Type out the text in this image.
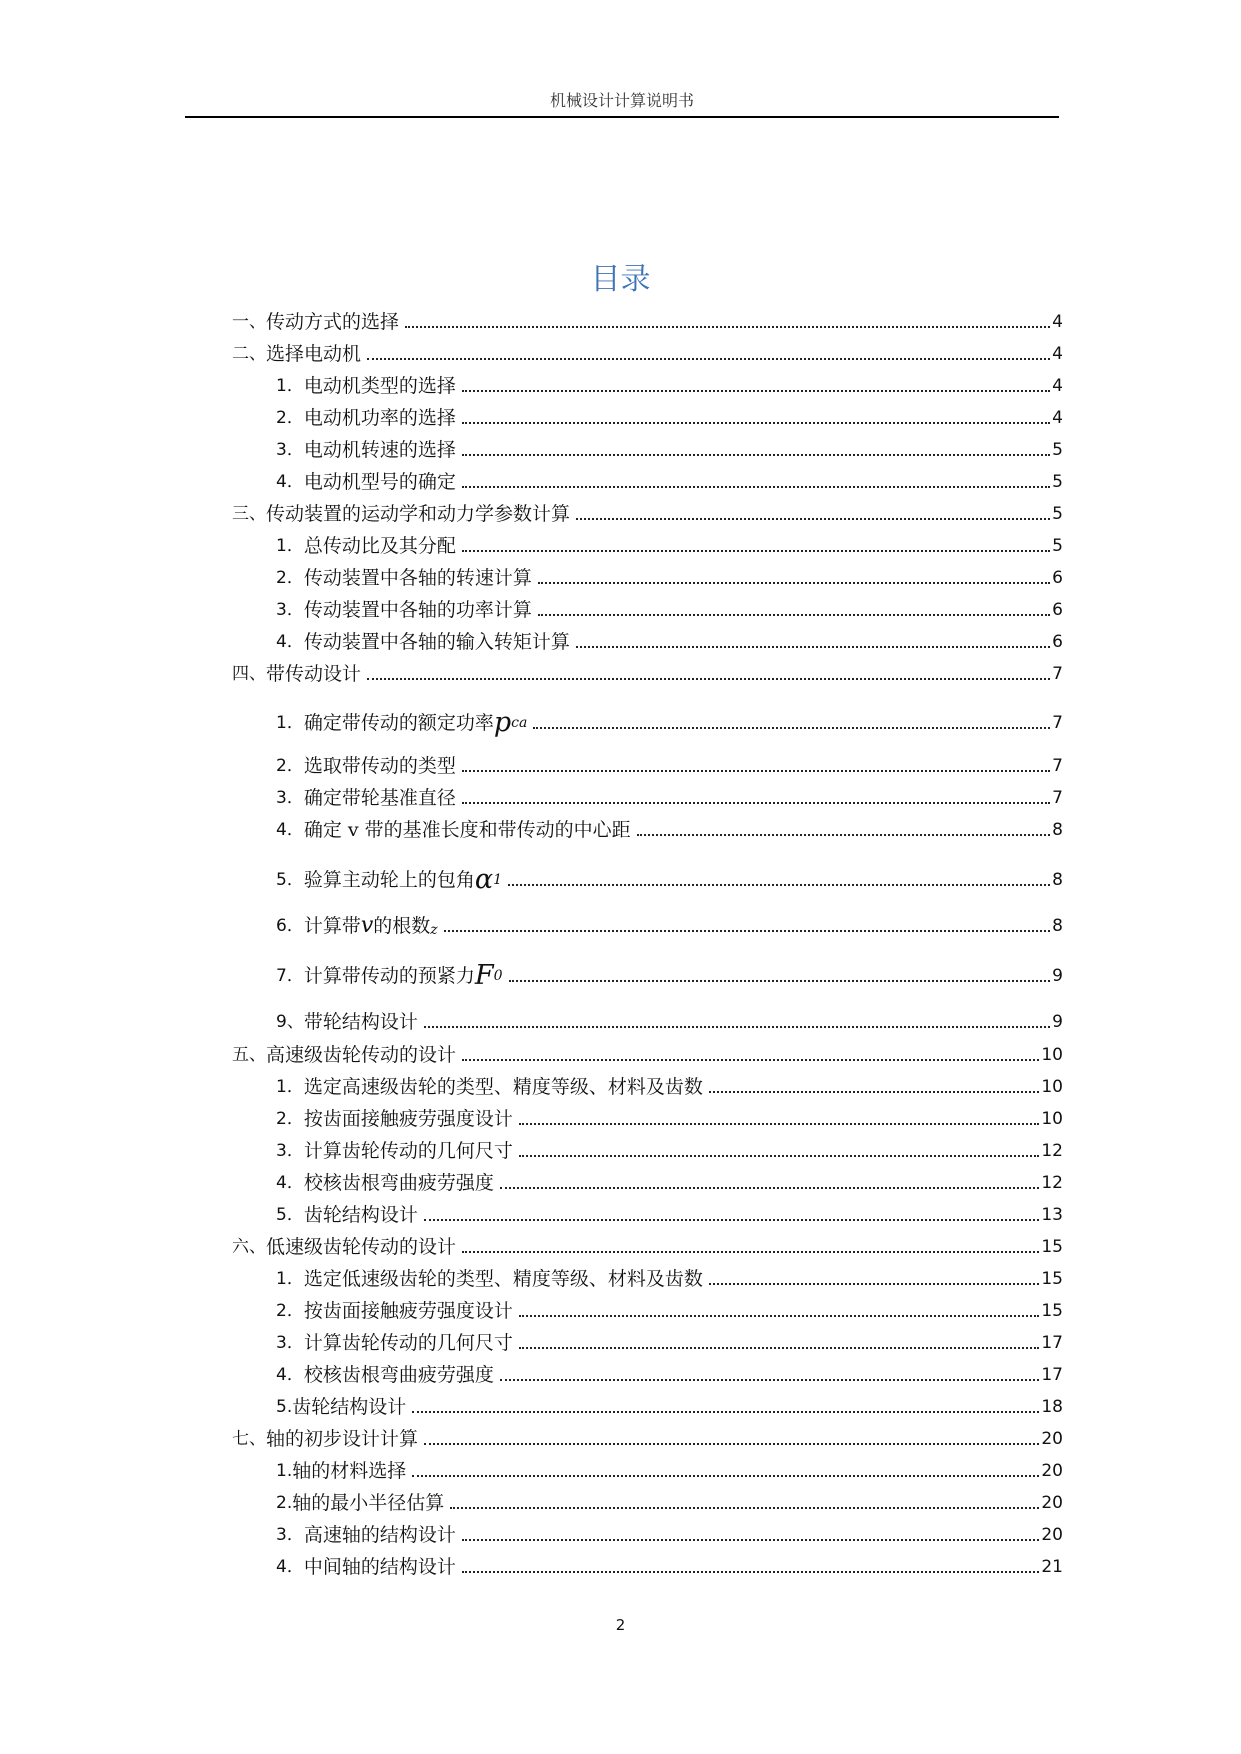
机械设计计算说明书
目录
一、 传动方式的选择	4
二、 选择电动机	4
1． 电动机类型的选择	4
2． 电动机功率的选择	4
3． 电动机转速的选择	5
4． 电动机型号的确定	5
三、 传动装置的运动学和动力学参数计算	5
1． 总传动比及其分配	5
2． 传动装置中各轴的转速计算	6
3． 传动装置中各轴的功率计算	6
4． 传动装置中各轴的输入转矩计算	6
四、 带传动设计	7
1． 确定带传动的额定功率 p ca	7
2． 选取带传动的类型	7
3． 确定带轮基准直径	7
4． 确定 v 带的基准长度和带传动的中心距	8
5． 验算主动轮上的包角 α 1	8
6． 计算带 v 的根数 z	8
7． 计算带传动的预紧力 F 0	9
9、 带轮结构设计	9
五、 高速级齿轮传动的设计	10
1． 选定高速级齿轮的类型、精度等级、材料及齿数	10
2． 按齿面接触疲劳强度设计	10
3． 计算齿轮传动的几何尺寸	12
4． 校核齿根弯曲疲劳强度	12
5． 齿轮结构设计	13
六、 低速级齿轮传动的设计	15
1． 选定低速级齿轮的类型、精度等级、材料及齿数	15
2． 按齿面接触疲劳强度设计	15
3． 计算齿轮传动的几何尺寸	17
4． 校核齿根弯曲疲劳强度	17
5. 齿轮结构设计	18
七、 轴的初步设计计算	20
1. 轴的材料选择	20
2. 轴的最小半径估算	20
3． 高速轴的结构设计	20
4． 中间轴的结构设计	21
2
